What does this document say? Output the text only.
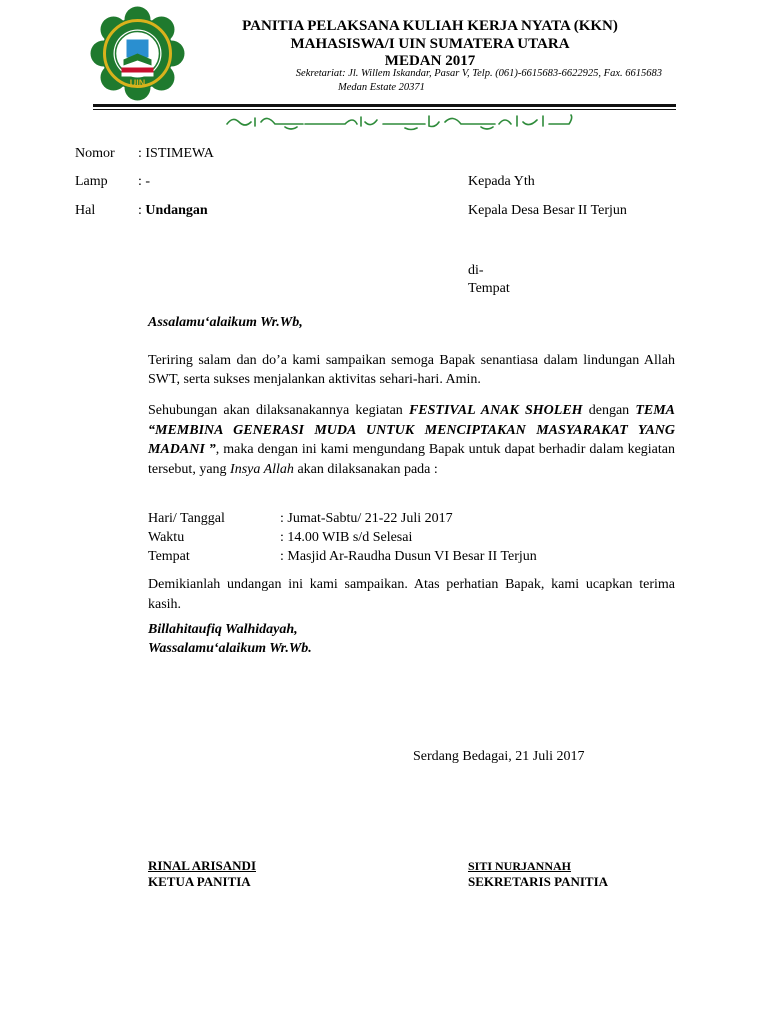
UIN
PANITIA PELAKSANA KULIAH KERJA NYATA (KKN)
MAHASISWA/I UIN SUMATERA UTARA
MEDAN 2017
Sekretariat: Jl. Willem Iskandar, Pasar V, Telp. (061)-6615683-6622925, Fax. 6615683
Medan Estate 20371
Nomor : ISTIMEWA
Lamp : -
Hal	: Undangan
Kepada Yth
Kepala Desa Besar II Terjun
di-
Tempat
Assalamu‘alaikum Wr.Wb,
Teriring salam dan do’a kami sampaikan semoga Bapak senantiasa dalam lindungan Allah SWT, serta sukses menjalankan aktivitas sehari-hari. Amin.
Sehubungan akan dilaksanakannya kegiatan FESTIVAL ANAK SHOLEH dengan TEMA “MEMBINA GENERASI MUDA UNTUK MENCIPTAKAN MASYARAKAT YANG MADANI ”, maka dengan ini kami mengundang Bapak untuk dapat berhadir dalam kegiatan tersebut, yang Insya Allah akan dilaksanakan pada :
Hari/ Tanggal	: Jumat-Sabtu/ 21-22 Juli 2017
Waktu	: 14.00 WIB s/d Selesai
Tempat	: Masjid Ar-Raudha Dusun VI Besar II Terjun
Demikianlah undangan ini kami sampaikan. Atas perhatian Bapak, kami ucapkan terima kasih.
Billahitaufiq Walhidayah,
Wassalamu‘alaikum Wr.Wb.
Serdang Bedagai, 21 Juli 2017
RINAL ARISANDI
KETUA PANITIA
SITI NURJANNAH
SEKRETARIS PANITIA
